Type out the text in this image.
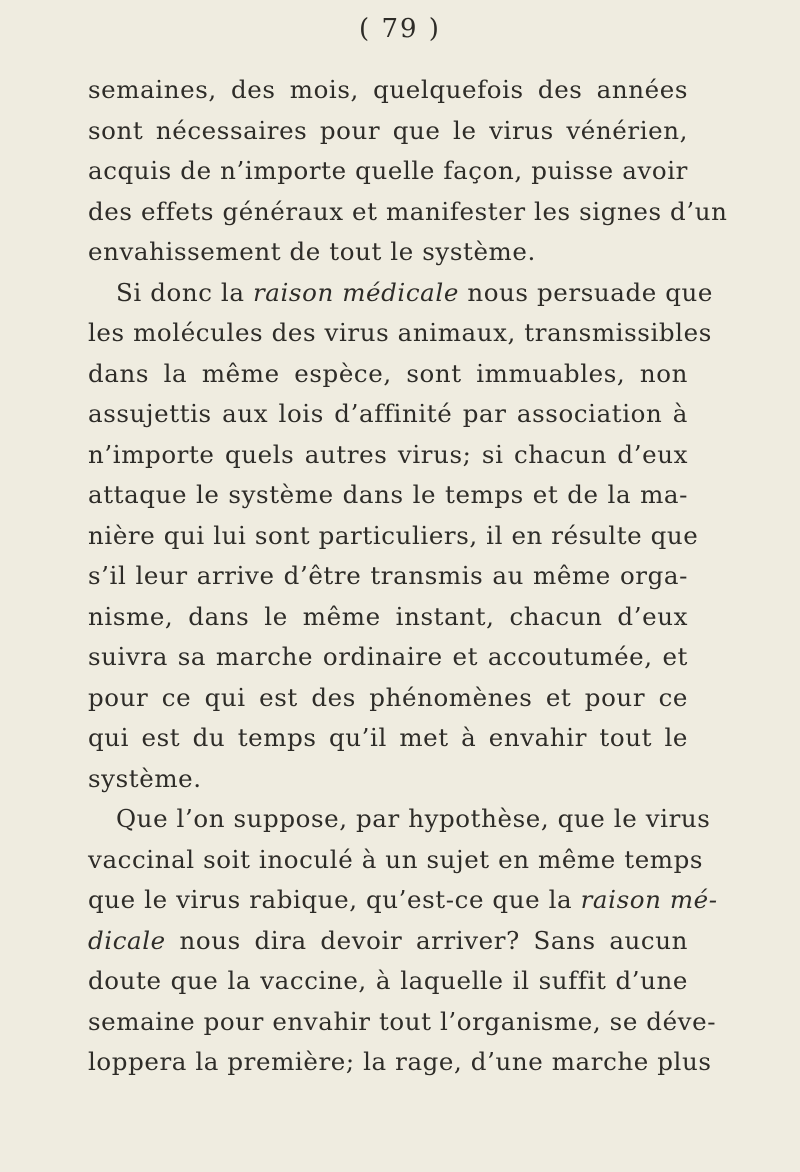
( 79 )
semaines, des mois, quelquefois des années
sont nécessaires pour que le virus vénérien,
acquis de n’importe quelle façon, puisse avoir
des effets généraux et manifester les signes d’un
envahissement de tout le système.
Si donc la raison médicale nous persuade que
les molécules des virus animaux, transmissibles
dans la même espèce, sont immuables, non
assujettis aux lois d’affinité par association à
n’importe quels autres virus; si chacun d’eux
attaque le système dans le temps et de la ma-
nière qui lui sont particuliers, il en résulte que
s’il leur arrive d’être transmis au même orga-
nisme, dans le même instant, chacun d’eux
suivra sa marche ordinaire et accoutumée, et
pour ce qui est des phénomènes et pour ce
qui est du temps qu’il met à envahir tout le
système.
Que l’on suppose, par hypothèse, que le virus
vaccinal soit inoculé à un sujet en même temps
que le virus rabique, qu’est-ce que la raison mé-
dicale nous dira devoir arriver? Sans aucun
doute que la vaccine, à laquelle il suffit d’une
semaine pour envahir tout l’organisme, se déve-
loppera la première; la rage, d’une marche plus
